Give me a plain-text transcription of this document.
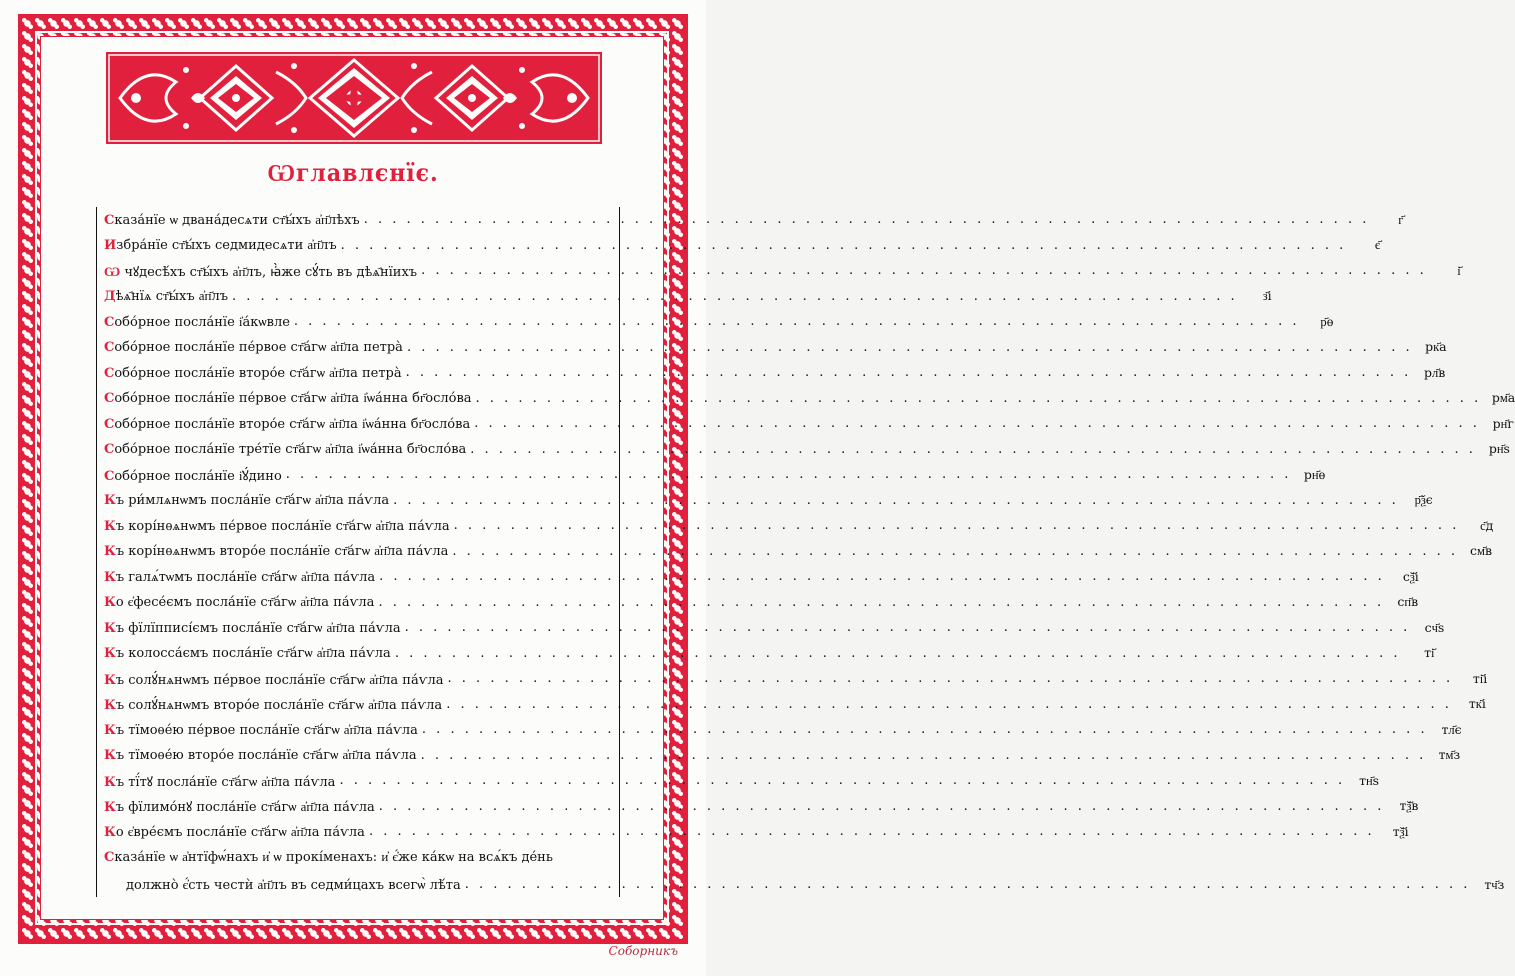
Ѡглавлєнїє.
Сказа́нїе ѡ двана́десѧти ст҃ы́хъ а҆п҃лѣхъ . . . . . . . . . . . . . . . . . . . . . . . . . . . . . . . . . . . . . . . . . . . . . . . . . . . . . . . . . . . . . . . . . . . . . . .	г҃
Избра́нїе ст҃ы́хъ седмидесѧти а҆п҃лъ . . . . . . . . . . . . . . . . . . . . . . . . . . . . . . . . . . . . . . . . . . . . . . . . . . . . . . . . . . . . . . . . . . . . . . .	є҃
Ѡ чꙋдесѣ́хъ ст҃ы́хъ а҆п҃лъ, ꙗ҆̀же сꙋ́ть въ дѣѧ҄нїихъ . . . . . . . . . . . . . . . . . . . . . . . . . . . . . . . . . . . . . . . . . . . . . . . . . . . . . . . . . . . . . . . . . . . . . . .	і҃
Дѣѧ҄нїѧ ст҃ы́хъ а҆п҃лъ . . . . . . . . . . . . . . . . . . . . . . . . . . . . . . . . . . . . . . . . . . . . . . . . . . . . . . . . . . . . . . . . . . . . . . .	з҃і
Собо́рное посла́нїе і҆а́кѡвле . . . . . . . . . . . . . . . . . . . . . . . . . . . . . . . . . . . . . . . . . . . . . . . . . . . . . . . . . . . . . . . . . . . . . . .	р҃ѳ
Собо́рное посла́нїе пе́рвое ст҃а́гѡ а҆п҃ла петра̀ . . . . . . . . . . . . . . . . . . . . . . . . . . . . . . . . . . . . . . . . . . . . . . . . . . . . . . . . . . . . . . . . . . . . . . . рк҃а
Собо́рное посла́нїе второ́е ст҃а́гѡ а҆п҃ла петра̀ . . . . . . . . . . . . . . . . . . . . . . . . . . . . . . . . . . . . . . . . . . . . . . . . . . . . . . . . . . . . . . . . . . . . . . .	рл҃в
Собо́рное посла́нїе пе́рвое ст҃а́гѡ а҆п҃ла і҆ѡа́нна бг҃осло́ва . . . . . . . . . . . . . . . . . . . . . . . . . . . . . . . . . . . . . . . . . . . . . . . . . . . . . . . . . . . . . . . . . . . . . . . рм҃а
Собо́рное посла́нїе второ́е ст҃а́гѡ а҆п҃ла і҆ѡа́нна бг҃осло́ва . . . . . . . . . . . . . . . . . . . . . . . . . . . . . . . . . . . . . . . . . . . . . . . . . . . . . . . . . . . . . . . . . . . . . . .	рн҃г
Собо́рное посла́нїе тре́тїе ст҃а́гѡ а҆п҃ла і҆ѡа́нна бг҃осло́ва . . . . . . . . . . . . . . . . . . . . . . . . . . . . . . . . . . . . . . . . . . . . . . . . . . . . . . . . . . . . . . . . . . . . . . .	рн҃ѕ
Собо́рное посла́нїе і҆ꙋ́дино . . . . . . . . . . . . . . . . . . . . . . . . . . . . . . . . . . . . . . . . . . . . . . . . . . . . . . . . . . . . . . . . . . . . . . . рн҃ѳ
Къ ри́млѧнѡмъ посла́нїе ст҃а́гѡ а҆п҃ла па́ѵла . . . . . . . . . . . . . . . . . . . . . . . . . . . . . . . . . . . . . . . . . . . . . . . . . . . . . . . . . . . . . . . . . . . . . . .	р҃ѯє
Къ корі́нѳѧнѡмъ пе́рвое посла́нїе ст҃а́гѡ а҆п҃ла па́ѵла . . . . . . . . . . . . . . . . . . . . . . . . . . . . . . . . . . . . . . . . . . . . . . . . . . . . . . . . . . . . . . . . . . . . . . .	с҃д
Къ корі́нѳѧнѡмъ второ́е посла́нїе ст҃а́гѡ а҆п҃ла па́ѵла . . . . . . . . . . . . . . . . . . . . . . . . . . . . . . . . . . . . . . . . . . . . . . . . . . . . . . . . . . . . . . . . . . . . . . . см҃в
Къ галѧ́тѡмъ посла́нїе ст҃а́гѡ а҆п҃ла па́ѵла . . . . . . . . . . . . . . . . . . . . . . . . . . . . . . . . . . . . . . . . . . . . . . . . . . . . . . . . . . . . . . . . . . . . . . .	сѯ҃і
Ко є҆фесе́ємъ посла́нїе ст҃а́гѡ а҆п҃ла па́ѵла . . . . . . . . . . . . . . . . . . . . . . . . . . . . . . . . . . . . . . . . . . . . . . . . . . . . . . . . . . . . . . . . . . . . . . .	сп҃в
Къ фїлїпписі́ємъ посла́нїе ст҃а́гѡ а҆п҃ла па́ѵла . . . . . . . . . . . . . . . . . . . . . . . . . . . . . . . . . . . . . . . . . . . . . . . . . . . . . . . . . . . . . . . . . . . . . . .	сч҃ѕ
Къ колосса́ємъ посла́нїе ст҃а́гѡ а҆п҃ла па́ѵла . . . . . . . . . . . . . . . . . . . . . . . . . . . . . . . . . . . . . . . . . . . . . . . . . . . . . . . . . . . . . . . . . . . . . . .	ті҃
Къ солꙋ́нѧнѡмъ пе́рвое посла́нїе ст҃а́гѡ а҆п҃ла па́ѵла . . . . . . . . . . . . . . . . . . . . . . . . . . . . . . . . . . . . . . . . . . . . . . . . . . . . . . . . . . . . . . . . . . . . . . .	ті҃і
Къ солꙋ́нѧнѡмъ второ́е посла́нїе ст҃а́гѡ а҆п҃ла па́ѵла . . . . . . . . . . . . . . . . . . . . . . . . . . . . . . . . . . . . . . . . . . . . . . . . . . . . . . . . . . . . . . . . . . . . . . .	тк҃і
Къ тїмоѳе́ю пе́рвое посла́нїе ст҃а́гѡ а҆п҃ла па́ѵла . . . . . . . . . . . . . . . . . . . . . . . . . . . . . . . . . . . . . . . . . . . . . . . . . . . . . . . . . . . . . . . . . . . . . . .	тл҃є
Къ тїмоѳе́ю второ́е посла́нїе ст҃а́гѡ а҆п҃ла па́ѵла . . . . . . . . . . . . . . . . . . . . . . . . . . . . . . . . . . . . . . . . . . . . . . . . . . . . . . . . . . . . . . . . . . . . . . . тм҃з
Къ тї́тꙋ посла́нїе ст҃а́гѡ а҆п҃ла па́ѵла . . . . . . . . . . . . . . . . . . . . . . . . . . . . . . . . . . . . . . . . . . . . . . . . . . . . . . . . . . . . . . . . . . . . . . .	тн҃ѕ
Къ фїлимо́нꙋ посла́нїе ст҃а́гѡ а҆п҃ла па́ѵла . . . . . . . . . . . . . . . . . . . . . . . . . . . . . . . . . . . . . . . . . . . . . . . . . . . . . . . . . . . . . . . . . . . . . . .	тѯ҃в
Ко є҆вре́ємъ посла́нїе ст҃а́гѡ а҆п҃ла па́ѵла . . . . . . . . . . . . . . . . . . . . . . . . . . . . . . . . . . . . . . . . . . . . . . . . . . . . . . . . . . . . . . . . . . . . . . .	тѯ҃і
Сказа́нїе ѡ а҆нтїфѡ́нахъ и҆ ѡ прокі́менахъ: и҆ є҆́же ка́кѡ на всѧ́къ де́нь
должно̀ є҆́сть честѝ а҆п҃лъ въ седми́цахъ всегѡ̀ лѣ́та . . . . . . . . . . . . . . . . . . . . . . . . . . . . . . . . . . . . . . . . . . . . . . . . . . . . . . . . . . . . . . . . . . . . . . .	тч҃з
Соборникъ
